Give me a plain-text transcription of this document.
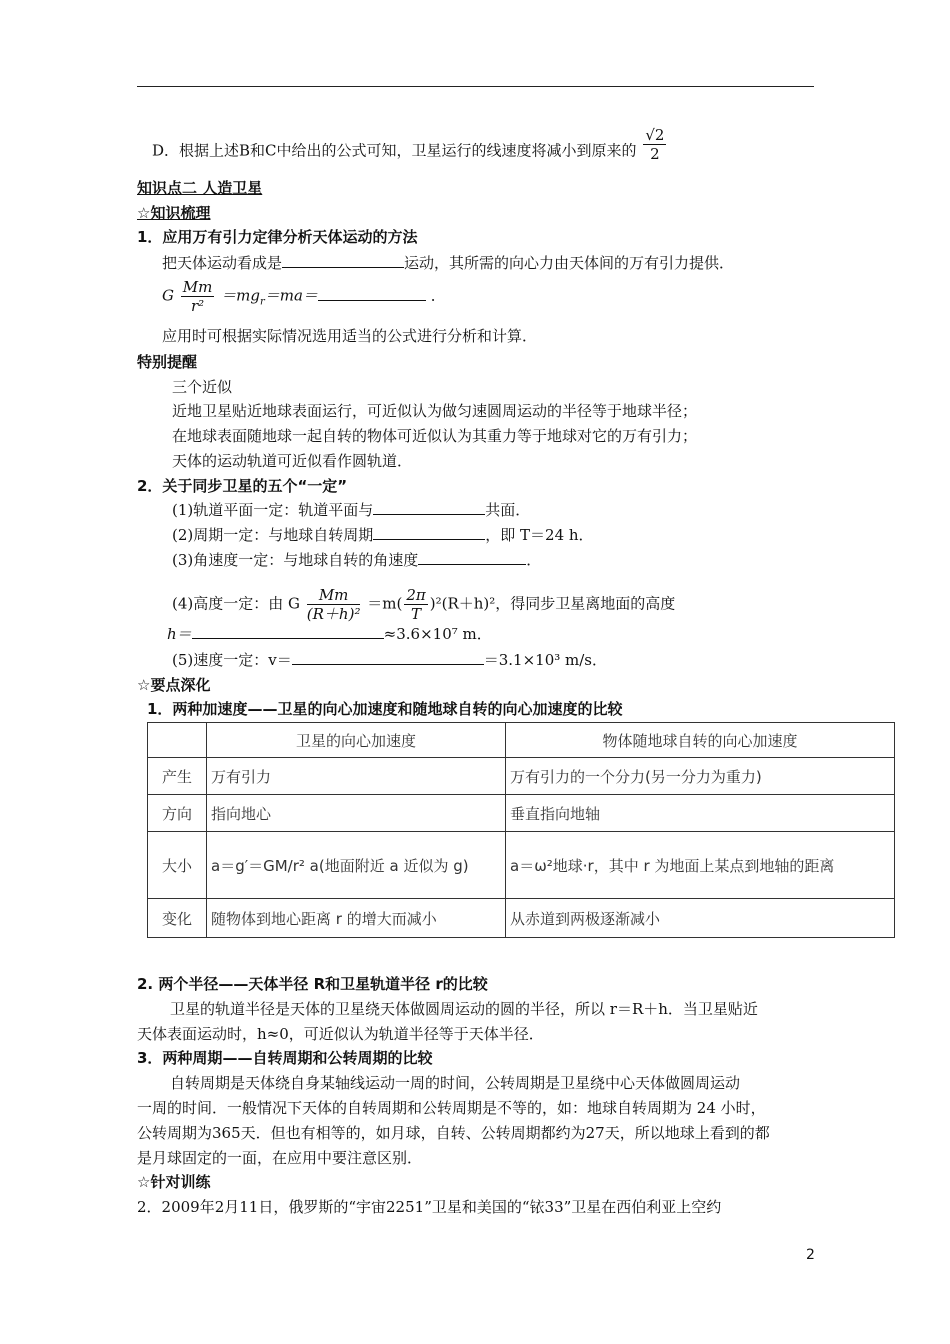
D．根据上述B和C中给出的公式可知，卫星运行的线速度将减小到原来的 $\frac{√2}{2}$
知识点二 人造卫星
☆知识梳理
1．应用万有引力定律分析天体运动的方法
把天体运动看成是	运动，其所需的向心力由天体间的万有引力提供．
G $\frac{Mm}{\text{r²}} =mg_r=ma=$	．
应用时可根据实际情况选用适当的公式进行分析和计算．
特别提醒
三个近似
近地卫星贴近地球表面运行，可近似认为做匀速圆周运动的半径等于地球半径；
在地球表面随地球一起自转的物体可近似认为其重力等于地球对它的万有引力；
天体的运动轨道可近似看作圆轨道．
2．关于同步卫星的五个“一定”
(1)轨道平面一定：轨道平面与	共面．
(2)周期一定：与地球自转周期	，即 T＝24 h．
(3)角速度一定：与地球自转的角速度	．
(4)高度一定：由 G $\frac{Mm}{\text{(R＋h)²}} =m( \frac{2\pi}{T} )^2(R+h)^2$，得同步卫星离地面的高度
h＝	≈3.6×10⁷ m．
(5)速度一定：v＝	＝3.1×10³ m/s．
☆要点深化
1．两种加速度——卫星的向心加速度和随地球自转的向心加速度的比较
	卫星的向心加速度	物体随地球自转的向心加速度
产生	万有引力	万有引力的一个分力(另一分力为重力)
方向	指向地心	垂直指向地轴
大小	a＝g′＝GM/r² a(地面附近 a 近似为 g)	a＝ω²地球·r，其中 r 为地面上某点到地轴的距离
变化	随物体到地心距离 r 的增大而减小	从赤道到两极逐渐减小
2. 两个半径——天体半径 R和卫星轨道半径 r的比较
卫星的轨道半径是天体的卫星绕天体做圆周运动的圆的半径，所以 r＝R＋h．当卫星贴近
天体表面运动时，h≈0，可近似认为轨道半径等于天体半径．
3．两种周期——自转周期和公转周期的比较
自转周期是天体绕自身某轴线运动一周的时间，公转周期是卫星绕中心天体做圆周运动
一周的时间．一般情况下天体的自转周期和公转周期是不等的，如：地球自转周期为 24 小时，
公转周期为365天．但也有相等的，如月球，自转、公转周期都约为27天，所以地球上看到的都
是月球固定的一面，在应用中要注意区别．
☆针对训练
2．2009年2月11日，俄罗斯的“宇宙2251”卫星和美国的“铱33”卫星在西伯利亚上空约
2
